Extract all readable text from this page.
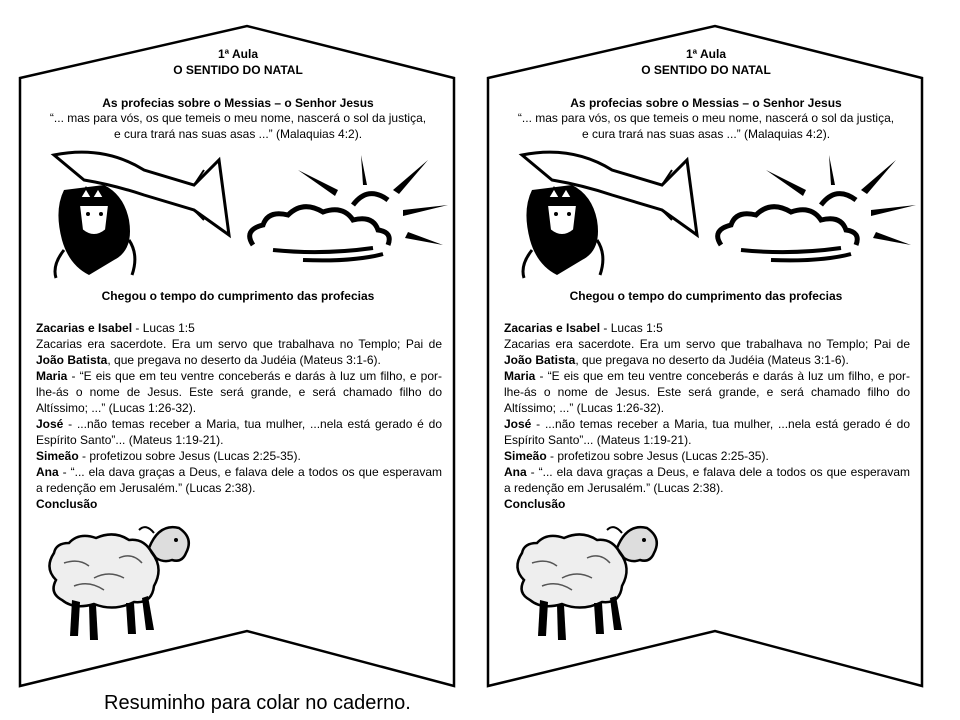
1ª Aula
O SENTIDO DO NATAL
As profecias sobre o Messias – o Senhor Jesus
“... mas para vós, os que temeis o meu nome, nascerá o sol da justiça,
e cura trará nas suas asas ...” (Malaquias 4:2).
Chegou o tempo do cumprimento das profecias

Zacarias e Isabel - Lucas 1:5
Zacarias era sacerdote. Era um servo que trabalhava no Templo; Pai de João Batista, que pregava no deserto da Judéia (Mateus 3:1-6).
Maria - “E eis que em teu ventre conceberás e darás à luz um filho, e por-lhe-ás o nome de Jesus. Este será grande, e será chamado filho do Altíssimo; ...” (Lucas 1:26-32).
José - ...não temas receber a Maria, tua mulher, ...nela está gerado é do Espírito Santo”... (Mateus 1:19-21).
Simeão - profetizou sobre Jesus (Lucas 2:25-35).
Ana - “... ela dava graças a Deus, e falava dele a todos os que esperavam a redenção em Jerusalém.” (Lucas 2:38).

Conclusão

1ª Aula
O SENTIDO DO NATAL
As profecias sobre o Messias – o Senhor Jesus
“... mas para vós, os que temeis o meu nome, nascerá o sol da justiça,
e cura trará nas suas asas ...” (Malaquias 4:2).
Chegou o tempo do cumprimento das profecias

Zacarias e Isabel - Lucas 1:5
Zacarias era sacerdote. Era um servo que trabalhava no Templo; Pai de João Batista, que pregava no deserto da Judéia (Mateus 3:1-6).
Maria - “E eis que em teu ventre conceberás e darás à luz um filho, e por-lhe-ás o nome de Jesus. Este será grande, e será chamado filho do Altíssimo; ...” (Lucas 1:26-32).
José - ...não temas receber a Maria, tua mulher, ...nela está gerado é do Espírito Santo”... (Mateus 1:19-21).
Simeão - profetizou sobre Jesus (Lucas 2:25-35).
Ana - “... ela dava graças a Deus, e falava dele a todos os que esperavam a redenção em Jerusalém.” (Lucas 2:38).

Conclusão

Resuminho para colar no caderno.
